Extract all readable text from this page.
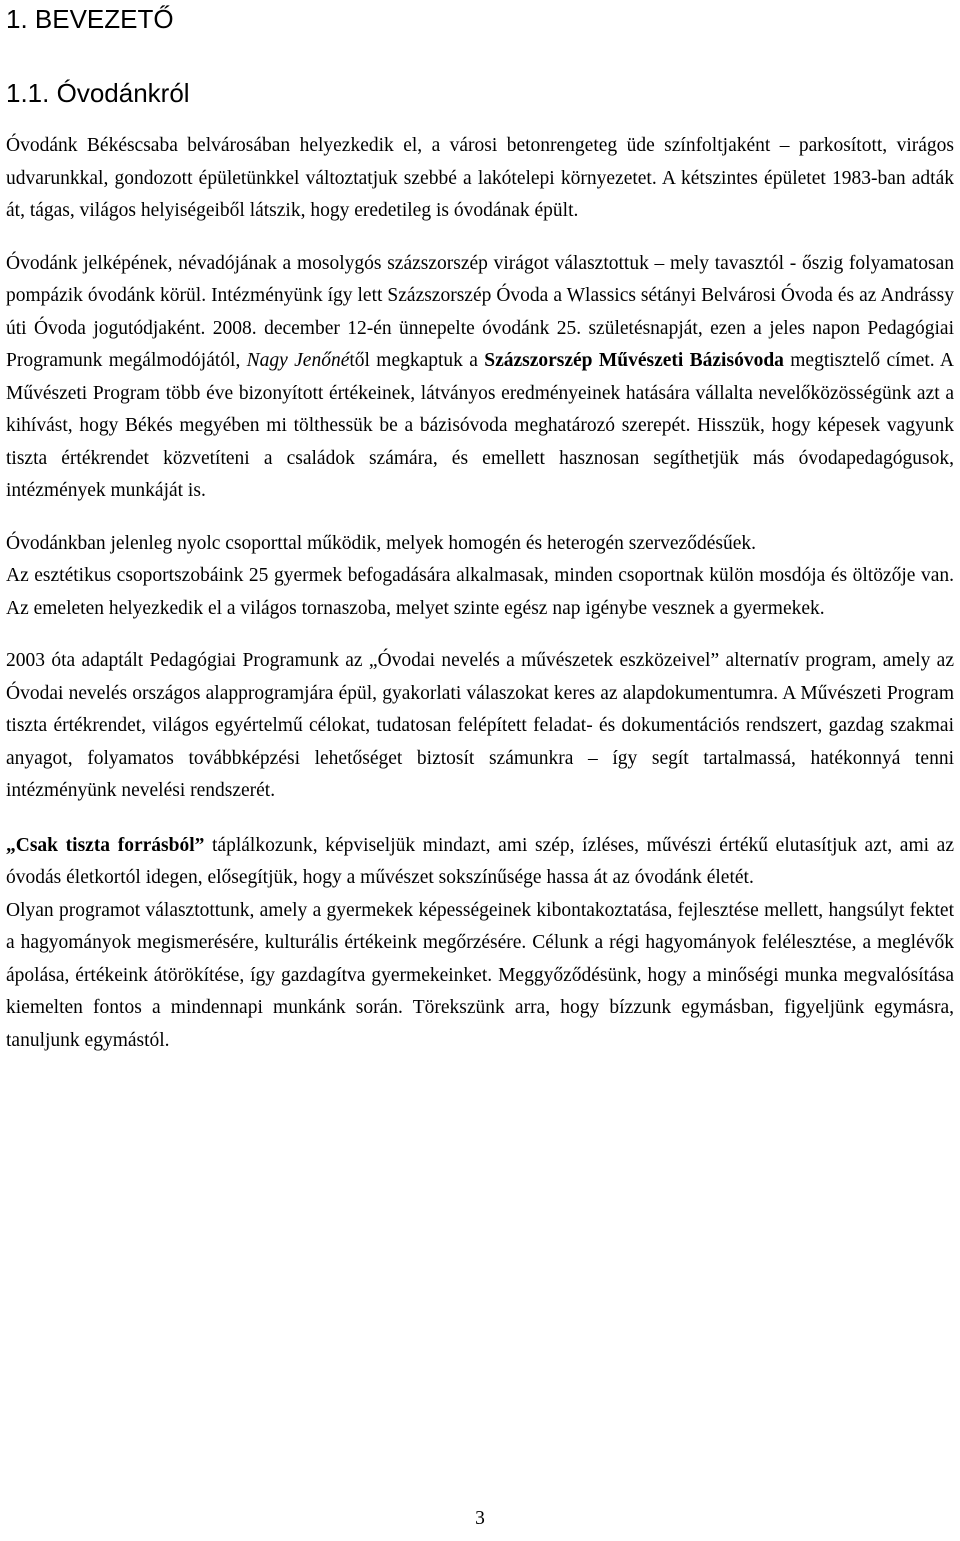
1. BEVEZETŐ
1.1. Óvodánkról

Óvodánk Békéscsaba belvárosában helyezkedik el, a városi betonrengeteg üde színfoltjaként – parkosított, virágos udvarunkkal, gondozott épületünkkel változtatjuk szebbé a lakótelepi környezetet. A kétszintes épületet 1983-ban adták át, tágas, világos helyiségeiből látszik, hogy eredetileg is óvodának épült.

Óvodánk jelképének, névadójának a mosolygós százszorszép virágot választottuk – mely tavasztól - őszig folyamatosan pompázik óvodánk körül. Intézményünk így lett Százszorszép Óvoda a Wlassics sétányi Belvárosi Óvoda és az Andrássy úti Óvoda jogutódjaként. 2008. december 12-én ünnepelte óvodánk 25. születésnapját, ezen a jeles napon Pedagógiai Programunk megálmodójától, Nagy Jenőnétől megkaptuk a Százszorszép Művészeti Bázisóvoda megtisztelő címet. A Művészeti Program több éve bizonyított értékeinek, látványos eredményeinek hatására vállalta nevelőközösségünk azt a kihívást, hogy Békés megyében mi tölthessük be a bázisóvoda meghatározó szerepét. Hisszük, hogy képesek vagyunk tiszta értékrendet közvetíteni a családok számára, és emellett hasznosan segíthetjük más óvodapedagógusok, intézmények munkáját is.

Óvodánkban jelenleg nyolc csoporttal működik, melyek homogén és heterogén szerveződésűek.

Az esztétikus csoportszobáink 25 gyermek befogadására alkalmasak, minden csoportnak külön mosdója és öltözője van. Az emeleten helyezkedik el a világos tornaszoba, melyet szinte egész nap igénybe vesznek a gyermekek.

2003 óta adaptált Pedagógiai Programunk az „Óvodai nevelés a művészetek eszközeivel” alternatív program, amely az Óvodai nevelés országos alapprogramjára épül, gyakorlati válaszokat keres az alapdokumentumra. A Művészeti Program tiszta értékrendet, világos egyértelmű célokat, tudatosan felépített feladat- és dokumentációs rendszert, gazdag szakmai anyagot, folyamatos továbbképzési lehetőséget biztosít számunkra – így segít tartalmassá, hatékonnyá tenni intézményünk nevelési rendszerét.

„Csak tiszta forrásból” táplálkozunk, képviseljük mindazt, ami szép, ízléses, művészi értékű elutasítjuk azt, ami az óvodás életkortól idegen, elősegítjük, hogy a művészet sokszínűsége hassa át az óvodánk életét.

Olyan programot választottunk, amely a gyermekek képességeinek kibontakoztatása, fejlesztése mellett, hangsúlyt fektet a hagyományok megismerésére, kulturális értékeink megőrzésére. Célunk a régi hagyományok felélesztése, a meglévők ápolása, értékeink átörökítése, így gazdagítva gyermekeinket. Meggyőződésünk, hogy a minőségi munka megvalósítása kiemelten fontos a mindennapi munkánk során. Törekszünk arra, hogy bízzunk egymásban, figyeljünk egymásra, tanuljunk egymástól.

3
